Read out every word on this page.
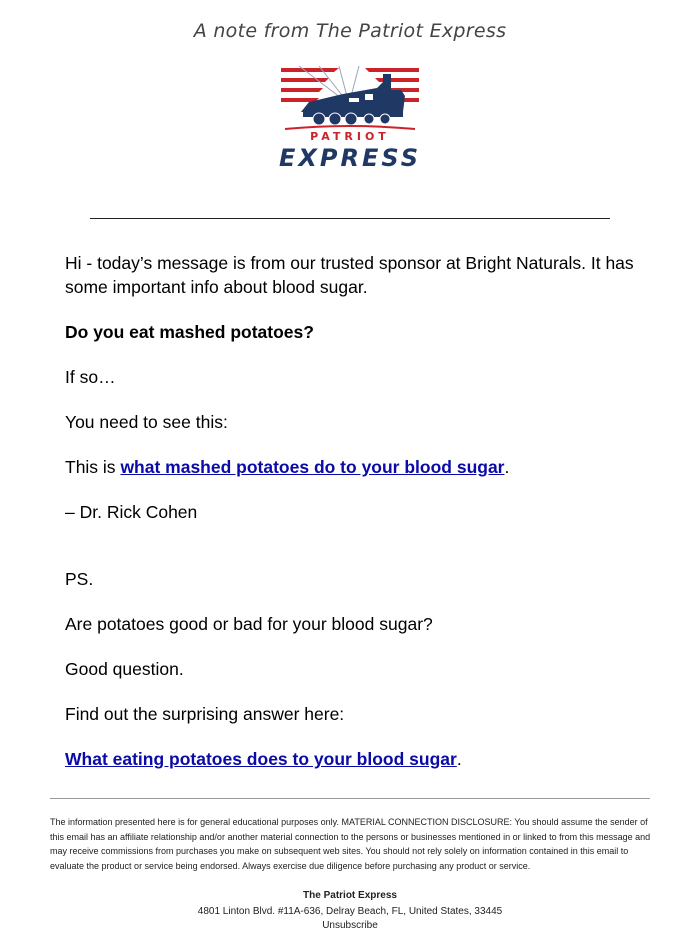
A note from The Patriot Express
PATRIOT
EXPRESS
Hi - today’s message is from our trusted sponsor at Bright Naturals. It has some important info about blood sugar.
Do you eat mashed potatoes?
If so…
You need to see this:
This is what mashed potatoes do to your blood sugar.
– Dr. Rick Cohen
PS.
Are potatoes good or bad for your blood sugar?
Good question.
Find out the surprising answer here:
What eating potatoes does to your blood sugar.
The information presented here is for general educational purposes only. MATERIAL CONNECTION DISCLOSURE: You should assume the sender of this email has an affiliate relationship and/or another material connection to the persons or businesses mentioned in or linked to from this message and may receive commissions from purchases you make on subsequent web sites. You should not rely solely on information contained in this email to evaluate the product or service being endorsed. Always exercise due diligence before purchasing any product or service.
The Patriot Express
4801 Linton Blvd. #11A-636, Delray Beach, FL, United States, 33445
Unsubscribe
